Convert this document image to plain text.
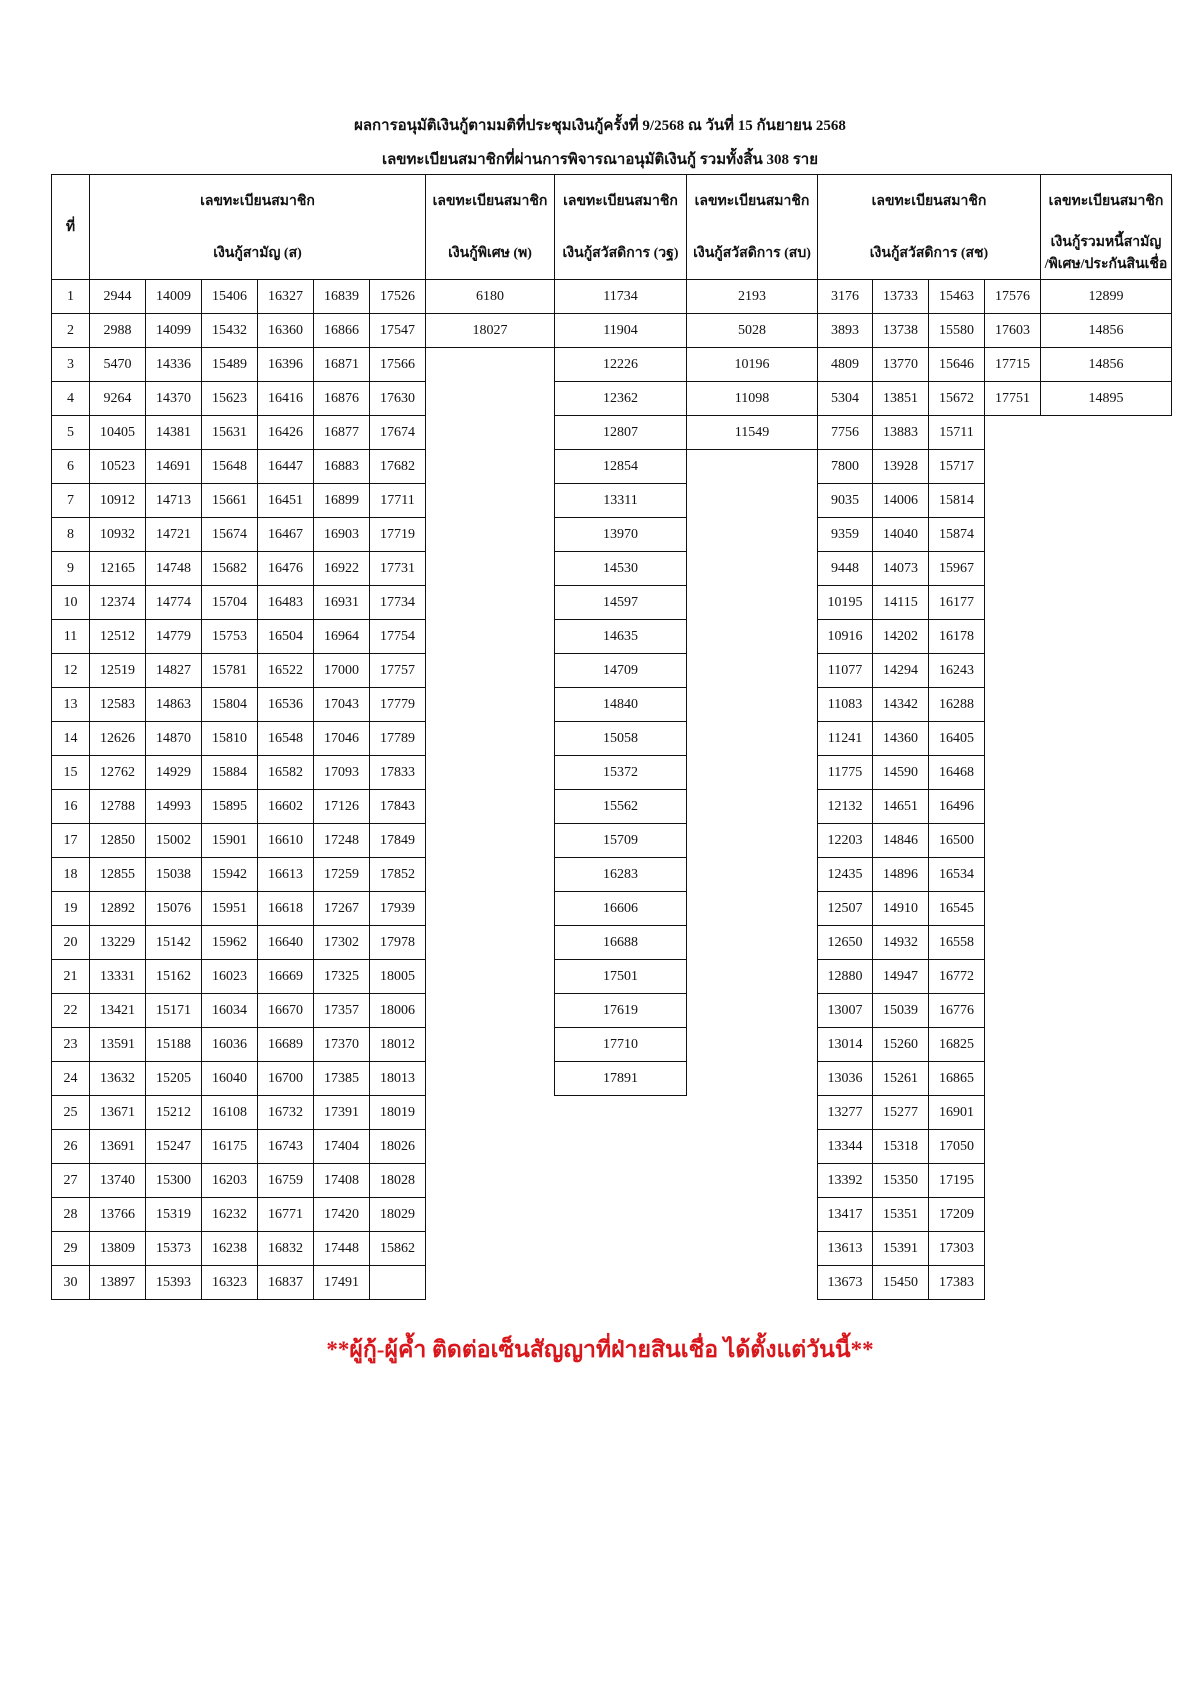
ผลการอนุมัติเงินกู้ตามมติที่ประชุมเงินกู้ครั้งที่ 9/2568 ณ วันที่ 15 กันยายน 2568
เลขทะเบียนสมาชิกที่ผ่านการพิจารณาอนุมัติเงินกู้ รวมทั้งสิ้น 308 ราย
ที่	เลขทะเบียนสมาชิก						เลขทะเบียนสมาชิก	เลขทะเบียนสมาชิก	เลขทะเบียนสมาชิก	เลขทะเบียนสมาชิก				เลขทะเบียนสมาชิก
	เงินกู้สามัญ (ส)						เงินกู้พิเศษ (พ)	เงินกู้สวัสดิการ (วฐ)	เงินกู้สวัสดิการ (สบ)	เงินกู้สวัสดิการ (สช)				เงินกู้รวมหนี้สามัญ
/พิเศษ/ประกันสินเชื่อ

1	2944	14009	15406	16327	16839	17526	6180	11734	2193	3176	13733	15463	17576	12899
2	2988	14099	15432	16360	16866	17547	18027	11904	5028	3893	13738	15580	17603	14856
3	5470	14336	15489	16396	16871	17566		12226	10196	4809	13770	15646	17715	14856
4	9264	14370	15623	16416	16876	17630		12362	11098	5304	13851	15672	17751	14895
5	10405	14381	15631	16426	16877	17674		12807	11549	7756	13883	15711		
6	10523	14691	15648	16447	16883	17682		12854		7800	13928	15717		
7	10912	14713	15661	16451	16899	17711		13311		9035	14006	15814		
8	10932	14721	15674	16467	16903	17719		13970		9359	14040	15874		
9	12165	14748	15682	16476	16922	17731		14530		9448	14073	15967		
10	12374	14774	15704	16483	16931	17734		14597		10195	14115	16177		
11	12512	14779	15753	16504	16964	17754		14635		10916	14202	16178		
12	12519	14827	15781	16522	17000	17757		14709		11077	14294	16243		
13	12583	14863	15804	16536	17043	17779		14840		11083	14342	16288		
14	12626	14870	15810	16548	17046	17789		15058		11241	14360	16405		
15	12762	14929	15884	16582	17093	17833		15372		11775	14590	16468		
16	12788	14993	15895	16602	17126	17843		15562		12132	14651	16496		
17	12850	15002	15901	16610	17248	17849		15709		12203	14846	16500		
18	12855	15038	15942	16613	17259	17852		16283		12435	14896	16534		
19	12892	15076	15951	16618	17267	17939		16606		12507	14910	16545		
20	13229	15142	15962	16640	17302	17978		16688		12650	14932	16558		
21	13331	15162	16023	16669	17325	18005		17501		12880	14947	16772		
22	13421	15171	16034	16670	17357	18006		17619		13007	15039	16776		
23	13591	15188	16036	16689	17370	18012		17710		13014	15260	16825		
24	13632	15205	16040	16700	17385	18013		17891		13036	15261	16865		
25	13671	15212	16108	16732	17391	18019				13277	15277	16901		
26	13691	15247	16175	16743	17404	18026				13344	15318	17050		
27	13740	15300	16203	16759	17408	18028				13392	15350	17195		
28	13766	15319	16232	16771	17420	18029				13417	15351	17209		
29	13809	15373	16238	16832	17448	15862				13613	15391	17303		
30	13897	15393	16323	16837	17491					13673	15450	17383		
**ผู้กู้-ผู้ค้ำ ติดต่อเซ็นสัญญาที่ฝ่ายสินเชื่อ ได้ตั้งแต่วันนี้**
